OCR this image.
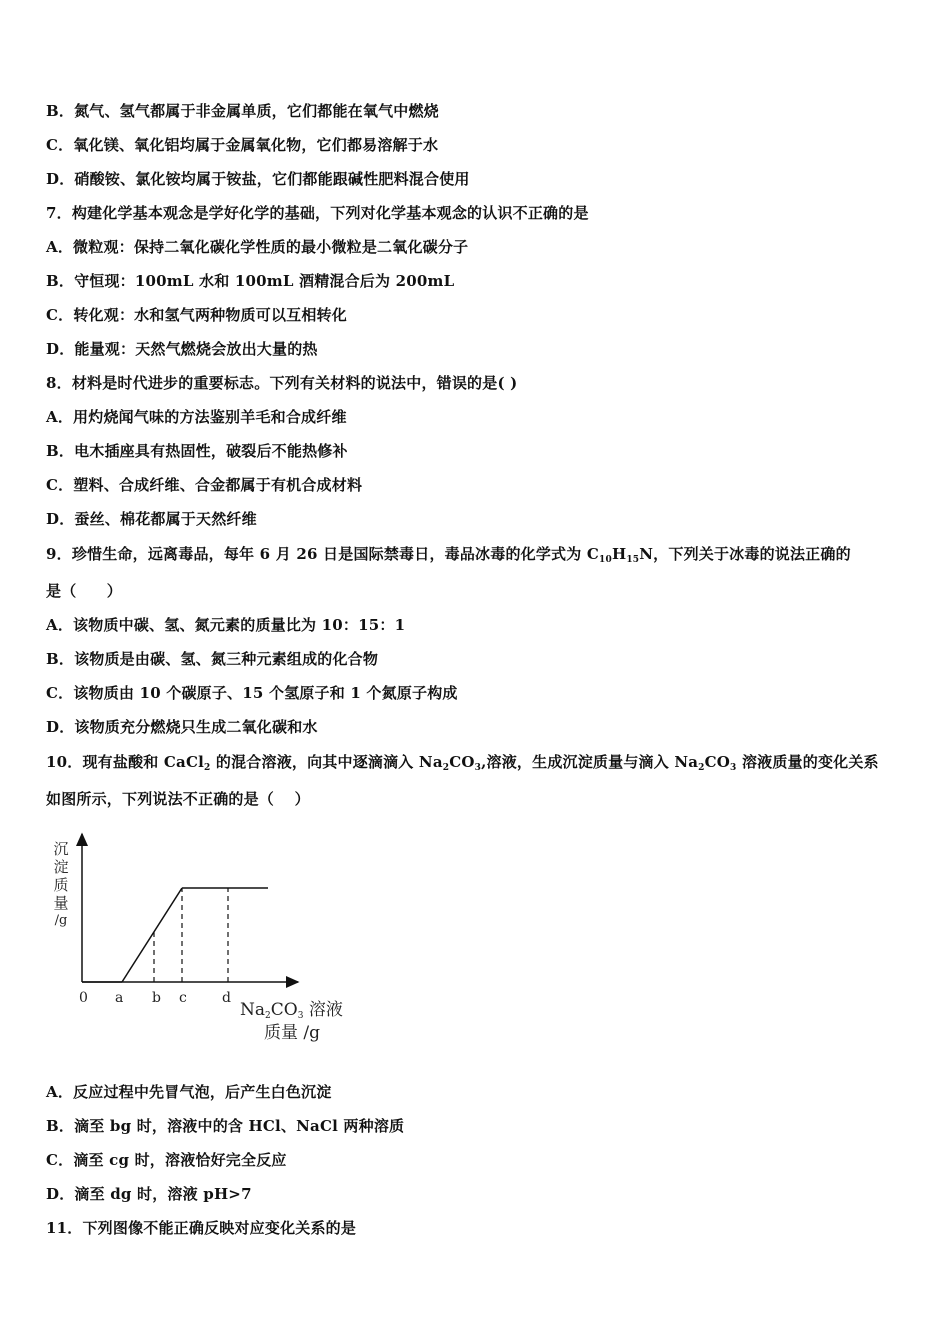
B．氮气、氢气都属于非金属单质，它们都能在氧气中燃烧
C．氧化镁、氧化铝均属于金属氧化物，它们都易溶解于水
D．硝酸铵、氯化铵均属于铵盐，它们都能跟碱性肥料混合使用
7．构建化学基本观念是学好化学的基础，下列对化学基本观念的认识不正确的是
A．微粒观：保持二氧化碳化学性质的最小微粒是二氧化碳分子
B．守恒现：100mL 水和 100mL 酒精混合后为 200mL
C．转化观：水和氢气两种物质可以互相转化
D．能量观：天然气燃烧会放出大量的热
8．材料是时代进步的重要标志。下列有关材料的说法中，错误的是( )
A．用灼烧闻气味的方法鉴别羊毛和合成纤维
B．电木插座具有热固性，破裂后不能热修补
C．塑料、合成纤维、合金都属于有机合成材料
D．蚕丝、棉花都属于天然纤维
9．珍惜生命，远离毒品，每年 6 月 26 日是国际禁毒日，毒品冰毒的化学式为 $C_{10}H_{15}N$，下列关于冰毒的说法正确的
是（　　）
A．该物质中碳、氢、氮元素的质量比为 10：15：1
B．该物质是由碳、氢、氮三种元素组成的化合物
C．该物质由 10 个碳原子、15 个氢原子和 1 个氮原子构成
D．该物质充分燃烧只生成二氧化碳和水
10．现有盐酸和 CaCl$_2$ 的混合溶液，向其中逐滴滴入 $Na_2CO_3$,溶液，生成沉淀质量与滴入 $Na_2CO_3$ 溶液质量的变化关系
如图所示，下列说法不正确的是（　 ）
沉
淀
质
量
/g
0 a b c	d
$Na_2CO_3$ 溶液
质量 /g
A．反应过程中先冒气泡，后产生白色沉淀
B．滴至 bg 时，溶液中的含 HCl、NaCl 两种溶质
C．滴至 cg 时，溶液恰好完全反应
D．滴至 dg 时，溶液 pH>7
11．下列图像不能正确反映对应变化关系的是
